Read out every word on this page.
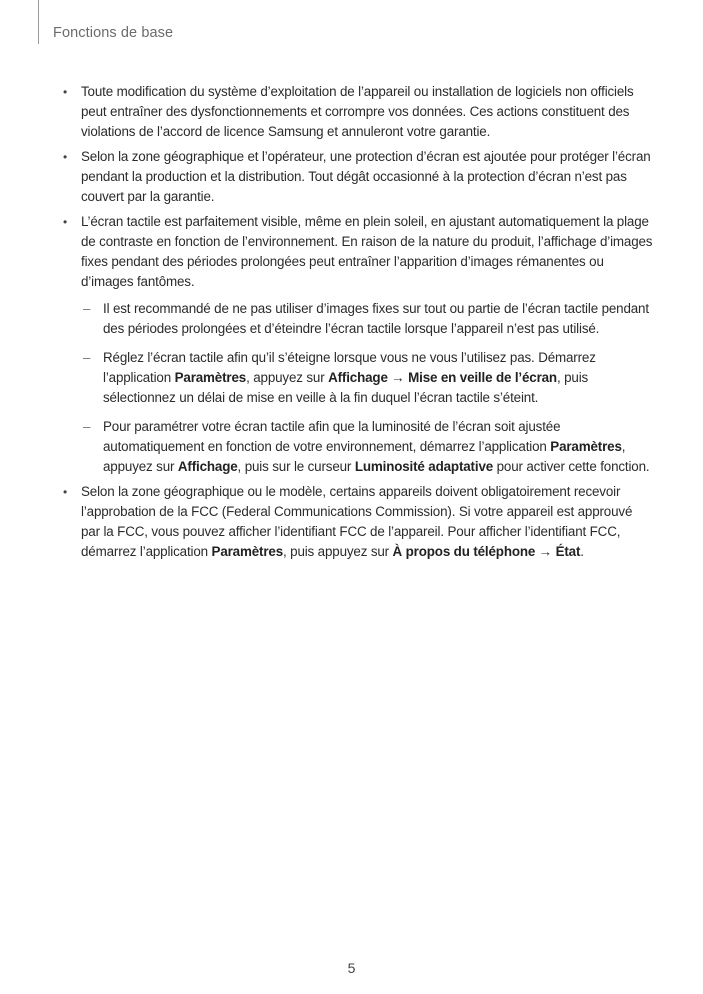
Fonctions de base
•	Toute modification du système d’exploitation de l’appareil ou installation de logiciels non officiels peut entraîner des dysfonctionnements et corrompre vos données. Ces actions constituent des violations de l’accord de licence Samsung et annuleront votre garantie.
•	Selon la zone géographique et l’opérateur, une protection d’écran est ajoutée pour protéger l’écran pendant la production et la distribution. Tout dégât occasionné à la protection d’écran n’est pas couvert par la garantie.
•	L’écran tactile est parfaitement visible, même en plein soleil, en ajustant automatiquement la plage de contraste en fonction de l’environnement. En raison de la nature du produit, l’affichage d’images fixes pendant des périodes prolongées peut entraîner l’apparition d’images rémanentes ou d’images fantômes.
– Il est recommandé de ne pas utiliser d’images fixes sur tout ou partie de l’écran tactile pendant des périodes prolongées et d’éteindre l’écran tactile lorsque l’appareil n’est pas utilisé.
– Réglez l’écran tactile afin qu’il s’éteigne lorsque vous ne vous l’utilisez pas. Démarrez l’application Paramètres, appuyez sur Affichage → Mise en veille de l’écran, puis sélectionnez un délai de mise en veille à la fin duquel l’écran tactile s’éteint.
– Pour paramétrer votre écran tactile afin que la luminosité de l’écran soit ajustée automatiquement en fonction de votre environnement, démarrez l’application Paramètres, appuyez sur Affichage, puis sur le curseur Luminosité adaptative pour activer cette fonction.
•	Selon la zone géographique ou le modèle, certains appareils doivent obligatoirement recevoir l’approbation de la FCC (Federal Communications Commission). Si votre appareil est approuvé par la FCC, vous pouvez afficher l’identifiant FCC de l’appareil. Pour afficher l’identifiant FCC, démarrez l’application Paramètres, puis appuyez sur À propos du téléphone → État.
5
